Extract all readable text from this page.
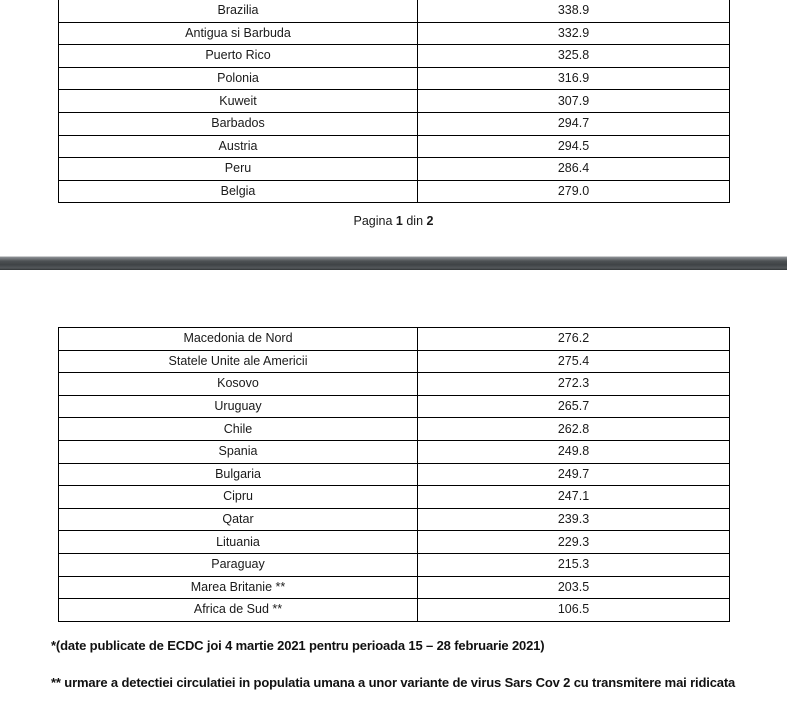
Brazilia	338.9
Antigua si Barbuda	332.9
Puerto Rico	325.8
Polonia	316.9
Kuweit	307.9
Barbados	294.7
Austria	294.5
Peru	286.4
Belgia	279.0
Pagina 1 din 2
Macedonia de Nord	276.2
Statele Unite ale Americii	275.4
Kosovo	272.3
Uruguay	265.7
Chile	262.8
Spania	249.8
Bulgaria	249.7
Cipru	247.1
Qatar	239.3
Lituania	229.3
Paraguay	215.3
Marea Britanie **	203.5
Africa de Sud **	106.5

*(date publicate de ECDC joi 4 martie 2021 pentru perioada 15 – 28 februarie 2021)

** urmare a detectiei circulatiei in populatia umana a unor variante de virus Sars Cov 2 cu transmitere mai ridicata
